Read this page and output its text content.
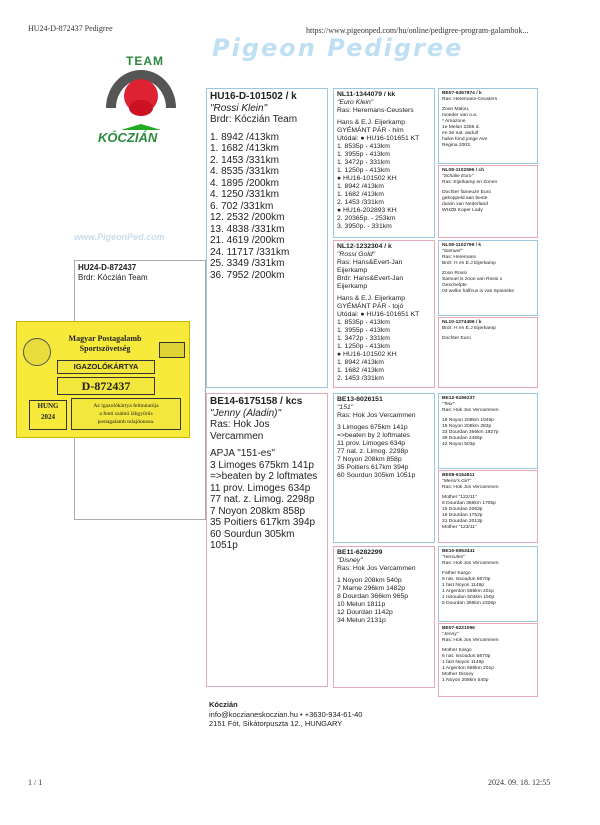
HU24-D-872437 Pedigree	https://www.pigeonped.com/hu/online/pedigree-program-galambok...
Pigeon Pedigree
TEAM
KÓCZIÁN
www.PigeonPed.com
HU24-D-872437
Brdr: Kóczián Team
Magyar Postagalamb
Sportszövetség
IGAZOLÓKÁRTYA
D-872437
HUNG
2024
Az igazolókártya felmutatója
a fenti számú lábgyűrűs
postagalamb tulajdonosa.
HU16-D-101502 / k
"Rossi Klein"
Brdr: Kóczián Team
1. 8942 /413km
1. 1682 /413km
2. 1453 /331km
4. 8535 /331km
4. 1895 /200km
4. 1250 /331km
6. 702 /331km
12. 2532 /200km
13. 4838 /331km
21. 4619 /200km
24. 11717 /331km
25. 3349 /331km
36. 7952 /200km
BE14-6175158 / kcs
"Jenny (Aladin)"
Ras: Hok Jos Vercammen
APJA "151-es"
3 Limoges 675km 141p
=>beaten by 2 loftmates
11 prov. Limoges 634p
77 nat. z. Limog. 2298p
7 Noyon 208km 858p
35 Poitiers 617km 394p
60 Sourdun 305km
1051p
NL11-1344079 / kk
"Euro Klein"
Ras: Heremans-Ceusters
Hans & E.J. Eijerkamp
GYÉMÁNT PÁR - hím
Utódai: ● HU16-101651 KT
1. 8535p - 413km
1. 3955p - 413km
1. 3472p - 331km
1. 1250p - 413km
● HU16-101502 KH
1. 8942 /413km
1. 1682 /413km
2. 1453 /331km
● HU16-202893 KH
2. 20365p. - 253km
3. 3950p. - 331km
NL12-1232304 / k
"Rossi Gold"
Ras: Hans&Evert-Jan Eijerkamp
Brdr: Hans&Evert-Jan Eijerkamp
Hans & E.J. Eijerkamp
GYÉMÁNT PÁR - tojó
Utódai: ● HU16-101651 KT
1. 8535p - 413km
1. 3955p - 413km
1. 3472p - 331km
1. 1250p - 413km
● HU16-101502 KH
1. 8942 /413km
1. 1682 /413km
2. 1453 /331km
BE13-6026151
"151"
Ras: Hok Jos Vercammen
3 Limoges 675km 141p
=>beaten by 2 loftmates
11 prov. Limoges 634p
77 nat. z. Limog. 2298p
7 Noyon 208km 858p
35 Poitiers 617km 394p
60 Sourdun 305km 1051p
BE11-6282299
"Disney"
Ras: Hok Jos Vercammen
1 Noyon 208km 540p
7 Marne 296km 1482p
8 Dourdan 366km 965p
10 Melun 1811p
12 Dourdan 1142p
34 Melun 2131p
BE07-6367874 / k
Ras: Heremans-Ceusters
Zoon Malou,
moeder van o.a.
* Amazone
1e Melun 2256 d.
en 3e nat. asduif
halve fond jonge Ave
Regina 2003.
NL08-1102596 / ch
"Schalie Euro"
Ras: Eijerkamp en Zonen
Dochter fameuze Euro
gekoppeld aan beste
duivin van Nederland
WHZB Koper Lady
NL08-1102799 / k
"Samuel"
Ras: Heremans
Brdr: H en E.J Eijerkamp
Zoon Rossi
Samuel is zoon van Rossi x
Geschelpte
03 welke halfzus is van Spinneke
NL10-1274496 / k
Brdr: H en E.J Eijerkamp
Dochter Euro
BE12-6196237
"Teix"
Ras: Hok Jos Vercammen
18 Noyon 208km 1049p
15 Noyon 208km 283p
33 Dourdan 366km 1927p
39 Dourdan 2465p
42 Noyon 503p
BE08-6154811
"Messi's Girl"
Ras: Hok Jos Vercammen
Mother "122/11"
8 Dourdan 366km 1705p
15 Dourdan 2063p
15 Dourdan 1752p
21 Dourdan 2013p
Mother "123/11"
BE10-6053441
"Hercules"
Ras: Hok Jos Vercammen
Father Kargo
6 nat. Issoudun 5670p
1 fast Noyon 1149p
1 Argenton 555km 201p
1 Issoudun 504km 150p
5 Dourdan 366km 2326p
BE07-6221096
"Jenny"
Ras: Hok Jos Vercammen
Mother Kargo
6 nat. Issoudun 5670p
1 fast Noyon 1149p
1 Argenton 555km 201p
Mother Disney
1 Noyon 208km 540p
Kóczián
info@koczianeskoczian.hu • +3630-934-61-40
2151 Fót, Sikátorpuszta 12., HUNGARY
1 / 1	2024. 09. 18. 12:55
